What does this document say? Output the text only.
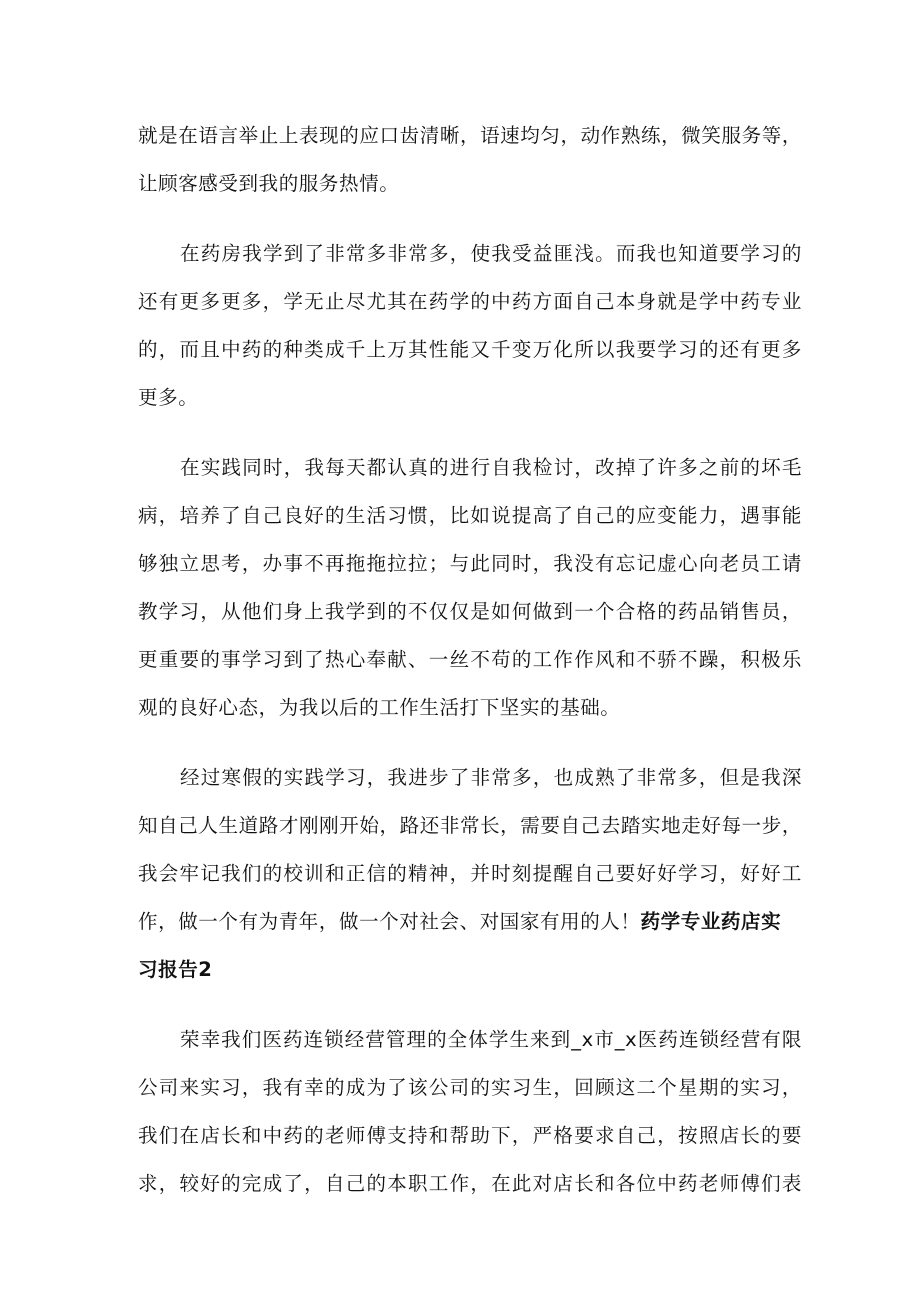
就是在语言举止上表现的应口齿清晰，语速均匀，动作熟练，微笑服务等，
让顾客感受到我的服务热情。
在药房我学到了非常多非常多，使我受益匪浅。而我也知道要学习的
还有更多更多，学无止尽尤其在药学的中药方面自己本身就是学中药专业
的，而且中药的种类成千上万其性能又千变万化所以我要学习的还有更多
更多。
在实践同时，我每天都认真的进行自我检讨，改掉了许多之前的坏毛
病，培养了自己良好的生活习惯，比如说提高了自己的应变能力，遇事能
够独立思考，办事不再拖拖拉拉；与此同时，我没有忘记虚心向老员工请
教学习，从他们身上我学到的不仅仅是如何做到一个合格的药品销售员，
更重要的事学习到了热心奉献、一丝不苟的工作作风和不骄不躁，积极乐
观的良好心态，为我以后的工作生活打下坚实的基础。
经过寒假的实践学习，我进步了非常多，也成熟了非常多，但是我深
知自己人生道路才刚刚开始，路还非常长，需要自己去踏实地走好每一步，
我会牢记我们的校训和正信的精神，并时刻提醒自己要好好学习，好好工
作，做一个有为青年，做一个对社会、对国家有用的人！药学专业药店实
习报告2
荣幸我们医药连锁经营管理的全体学生来到_x市_x医药连锁经营有限
公司来实习，我有幸的成为了该公司的实习生，回顾这二个星期的实习，
我们在店长和中药的老师傅支持和帮助下，严格要求自己，按照店长的要
求，较好的完成了，自己的本职工作，在此对店长和各位中药老师傅们表
